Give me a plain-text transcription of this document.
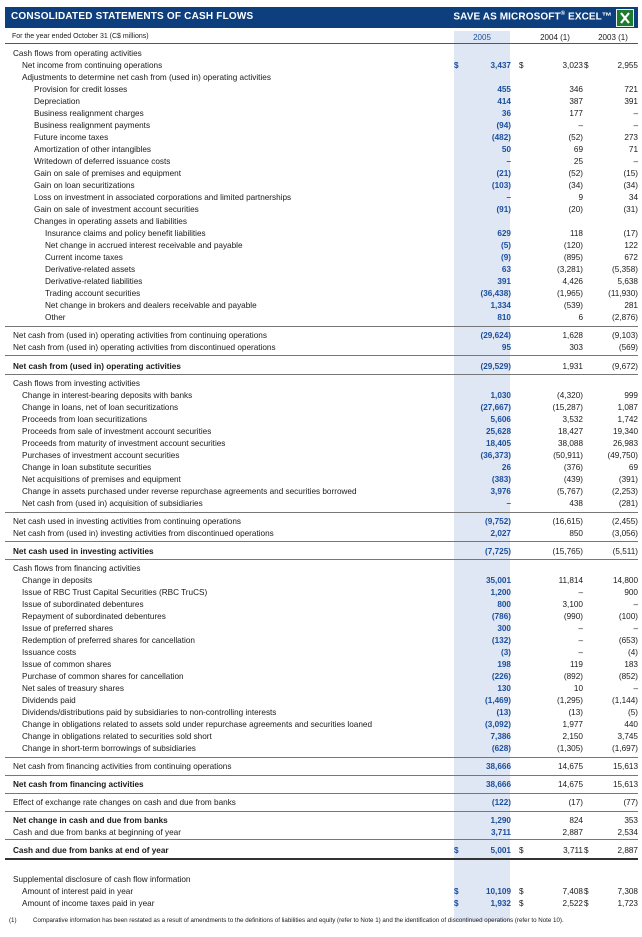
CONSOLIDATED STATEMENTS OF CASH FLOWS	SAVE AS MICROSOFT® EXCEL™
For the year ended October 31 (C$ millions)	2005	2004 (1)	2003 (1)
Cash flows from operating activities
Net income from continuing operations	$	3,437 $	3,023 $	2,955
Adjustments to determine net cash from (used in) operating activities
Provision for credit losses	455	346	721
Depreciation	414	387	391
Business realignment charges	36	177	–
Business realignment payments	(94)	–	–
Future income taxes	(482)	(52)	273
Amortization of other intangibles	50	69	71
Writedown of deferred issuance costs	–	25	–
Gain on sale of premises and equipment	(21)	(52)	(15)
Gain on loan securitizations	(103)	(34)	(34)
Loss on investment in associated corporations and limited partnerships	–	9	34
Gain on sale of investment account securities	(91)	(20)	(31)
Changes in operating assets and liabilities
Insurance claims and policy benefit liabilities	629	118	(17)
Net change in accrued interest receivable and payable	(5)	(120)	122
Current income taxes	(9)	(895)	672
Derivative-related assets	63	(3,281)	(5,358)
Derivative-related liabilities	391	4,426	5,638
Trading account securities	(36,438)	(1,965)	(11,930)
Net change in brokers and dealers receivable and payable	1,334	(539)	281
Other	810	6	(2,876)
Net cash from (used in) operating activities from continuing operations	(29,624)	1,628	(9,103)
Net cash from (used in) operating activities from discontinued operations	95	303	(569)
Net cash from (used in) operating activities	(29,529)	1,931	(9,672)
Cash flows from investing activities
Change in interest-bearing deposits with banks	1,030	(4,320)	999
Change in loans, net of loan securitizations	(27,667)	(15,287)	1,087
Proceeds from loan securitizations	5,606	3,532	1,742
Proceeds from sale of investment account securities	25,628	18,427	19,340
Proceeds from maturity of investment account securities	18,405	38,088	26,983
Purchases of investment account securities	(36,373)	(50,911)	(49,750)
Change in loan substitute securities	26	(376)	69
Net acquisitions of premises and equipment	(383)	(439)	(391)
Change in assets purchased under reverse repurchase agreements and securities borrowed	3,976	(5,767)	(2,253)
Net cash from (used in) acquisition of subsidiaries	–	438	(281)
Net cash used in investing activities from continuing operations	(9,752)	(16,615)	(2,455)
Net cash from (used in) investing activities from discontinued operations	2,027	850	(3,056)
Net cash used in investing activities	(7,725)	(15,765)	(5,511)
Cash flows from financing activities
Change in deposits	35,001	11,814	14,800
Issue of RBC Trust Capital Securities (RBC TruCS)	1,200	–	900
Issue of subordinated debentures	800	3,100	–
Repayment of subordinated debentures	(786)	(990)	(100)
Issue of preferred shares	300	–	–
Redemption of preferred shares for cancellation	(132)	–	(653)
Issuance costs	(3)	–	(4)
Issue of common shares	198	119	183
Purchase of common shares for cancellation	(226)	(892)	(852)
Net sales of treasury shares	130	10	–
Dividends paid	(1,469)	(1,295)	(1,144)
Dividends/distributions paid by subsidiaries to non-controlling interests	(13)	(13)	(5)
Change in obligations related to assets sold under repurchase agreements and securities loaned	(3,092)	1,977	440
Change in obligations related to securities sold short	7,386	2,150	3,745
Change in short-term borrowings of subsidiaries	(628)	(1,305)	(1,697)
Net cash from financing activities from continuing operations	38,666	14,675	15,613
Net cash from financing activities	38,666	14,675	15,613
Effect of exchange rate changes on cash and due from banks	(122)	(17)	(77)
Net change in cash and due from banks	1,290	824	353
Cash and due from banks at beginning of year	3,711	2,887	2,534
Cash and due from banks at end of year	$	5,001 $	3,711 $	2,887
Supplemental disclosure of cash flow information
Amount of interest paid in year	$	10,109 $	7,408 $	7,308
Amount of income taxes paid in year	$	1,932 $	2,522 $	1,723
(1)	Comparative information has been restated as a result of amendments to the definitions of liabilities and equity (refer to Note 1) and the identification of discontinued operations (refer to Note 10).
